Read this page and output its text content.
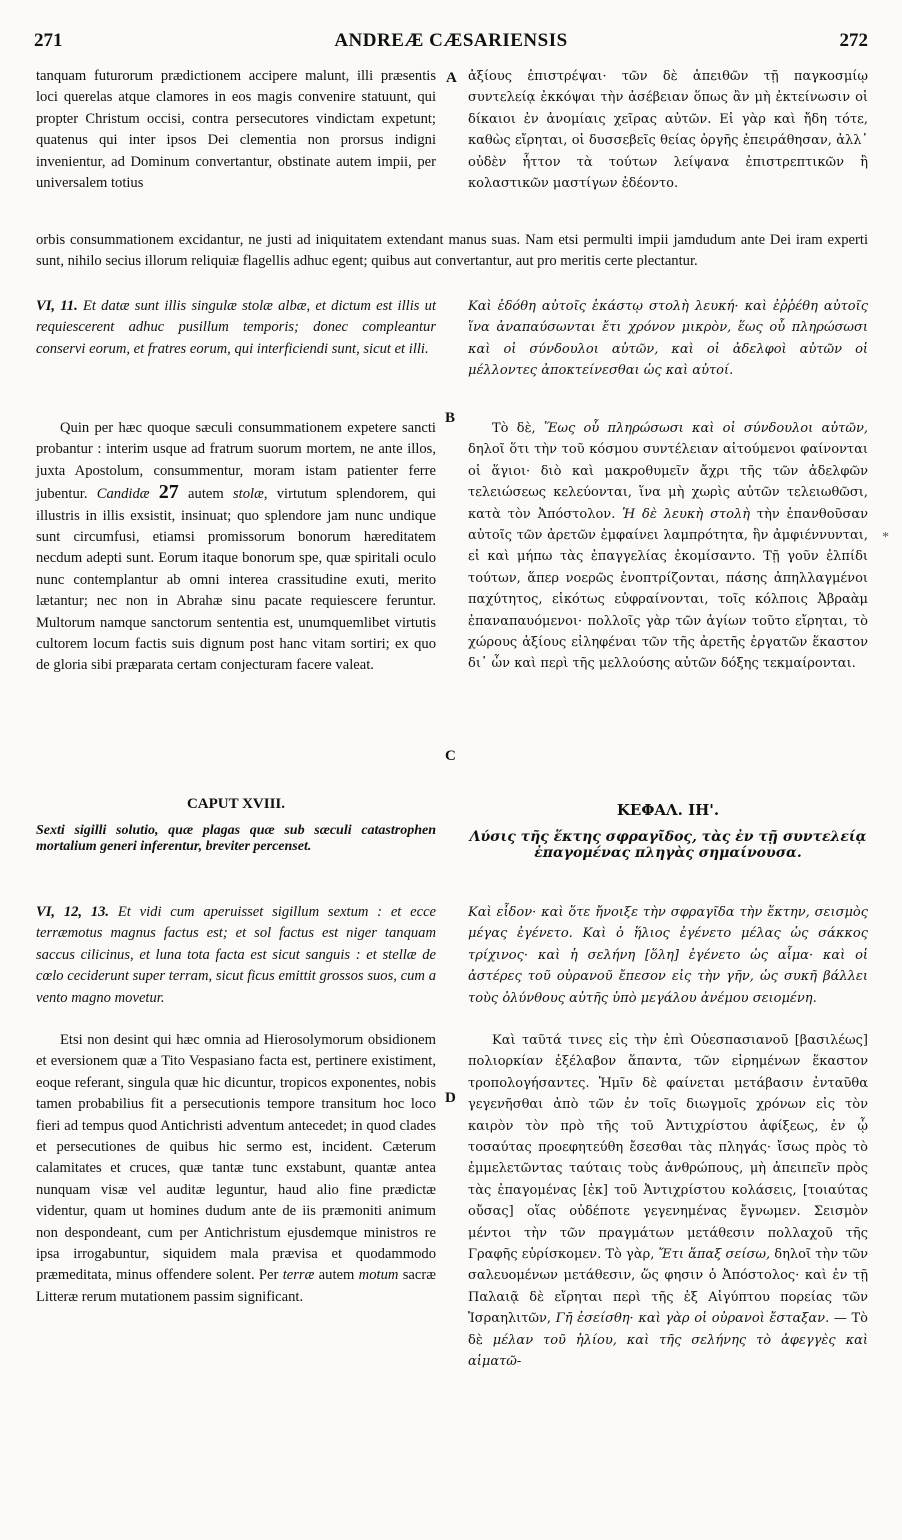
271	ANDREÆ CÆSARIENSIS	272
A
B
C
D
*

tanquam futurorum prædictionem accipere malunt, illi præsentis loci querelas atque clamores in eos magis convenire statuunt, qui propter Christum occisi, contra persecutores vindictam expetunt; quatenus qui inter ipsos Dei clementia non prorsus indigni invenientur, ad Dominum convertantur, obstinate autem impii, per universalem totius

ἀξίους ἐπιστρέψαι· τῶν δὲ ἀπειθῶν τῇ παγκοσμίῳ συντελείᾳ ἐκκόψαι τὴν ἀσέβειαν ὅπως ἂν μὴ ἐκτείνωσιν οἱ δίκαιοι ἐν ἀνομίαις χεῖρας αὐτῶν. Εἰ γὰρ καὶ ἤδη τότε, καθὼς εἴρηται, οἱ δυσσεβεῖς θείας ὀργῆς ἐπειράθησαν, ἀλλ᾽ οὐδὲν ἧττον τὰ τούτων λείψανα ἐπιστρεπτικῶν ἢ κολαστικῶν μαστίγων ἐδέοντο.

orbis consummationem excidantur, ne justi ad iniquitatem extendant manus suas. Nam etsi permulti impii jamdudum ante Dei iram experti sunt, nihilo secius illorum reliquiæ flagellis adhuc egent; quibus aut convertantur, aut pro meritis certe plectantur.

VI, 11. Et datæ sunt illis singulæ stolæ albæ, et dictum est illis ut requiescerent adhuc pusillum temporis; donec compleantur conservi eorum, et fratres eorum, qui interficiendi sunt, sicut et illi.

Καὶ ἐδόθη αὐτοῖς ἑκάστῳ στολὴ λευκή· καὶ ἐῤῥέθη αὐτοῖς ἵνα ἀναπαύσωνται ἔτι χρόνον μικρὸν, ἕως οὗ πληρώσωσι καὶ οἱ σύνδουλοι αὐτῶν, καὶ οἱ ἀδελφοὶ αὐτῶν οἱ μέλλοντες ἀποκτείνεσθαι ὡς καὶ αὐτοί.

Quin per hæc quoque sæculi consummationem expetere sancti probantur : interim usque ad fratrum suorum mortem, ne ante illos, juxta Apostolum, consummentur, moram istam patienter ferre jubentur. Candidæ 27 autem stolæ, virtutum splendorem, qui illustris in illis exsistit, insinuat; quo splendore jam nunc undique sunt circumfusi, etiamsi promissorum bonorum hæreditatem necdum adepti sunt. Eorum itaque bonorum spe, quæ spiritali oculo nunc contemplantur ab omni interea crassitudine exuti, merito lætantur; nec non in Abrahæ sinu pacate requiescere feruntur. Multorum namque sanctorum sententia est, unumquemlibet virtutis cultorem locum factis suis dignum post hanc vitam sortiri; ex quo de gloria sibi præparata certam conjecturam facere valeat.

Τὸ δὲ, Ἕως οὗ πληρώσωσι καὶ οἱ σύνδουλοι αὐτῶν, δηλοῖ ὅτι τὴν τοῦ κόσμου συντέλειαν αἰτούμενοι φαίνονται οἱ ἅγιοι· διὸ καὶ μακροθυμεῖν ἄχρι τῆς τῶν ἀδελφῶν τελειώσεως κελεύονται, ἵνα μὴ χωρὶς αὐτῶν τελειωθῶσι, κατὰ τὸν Ἀπόστολον. Ἡ δὲ λευκὴ στολὴ τὴν ἐπανθοῦσαν αὐτοῖς τῶν ἀρετῶν ἐμφαίνει λαμπρότητα, ἣν ἀμφιέννυνται, εἰ καὶ μήπω τὰς ἐπαγγελίας ἐκομίσαντο. Τῇ γοῦν ἐλπίδι τούτων, ἅπερ νοερῶς ἐνοπτρίζονται, πάσης ἀπηλλαγμένοι παχύτητος, εἰκότως εὐφραίνονται, τοῖς κόλποις Ἀβραὰμ ἐπαναπαυόμενοι· πολλοῖς γὰρ τῶν ἁγίων τοῦτο εἴρηται, τὸ χώρους ἀξίους εἰληφέναι τῶν τῆς ἀρετῆς ἐργατῶν ἕκαστον δι᾽ ὧν καὶ περὶ τῆς μελλούσης αὐτῶν δόξης τεκμαίρονται.

CAPUT XVIII.

Sexti sigilli solutio, quæ plagas quæ sub sæculi catastrophen mortalium generi inferentur, breviter percenset.

ΚΕΦΑΛ. ΙΗ'.

Λύσις τῆς ἕκτης σφραγῖδος, τὰς ἐν τῇ συντελείᾳ ἐπαγομένας πληγὰς σημαίνουσα.

VI, 12, 13. Et vidi cum aperuisset sigillum sextum : et ecce terræmotus magnus factus est; et sol factus est niger tanquam saccus cilicinus, et luna tota facta est sicut sanguis : et stellæ de cœlo ceciderunt super terram, sicut ficus emittit grossos suos, cum a vento magno movetur.

Καὶ εἶδον· καὶ ὅτε ἤνοιξε τὴν σφραγῖδα τὴν ἕκτην, σεισμὸς μέγας ἐγένετο. Καὶ ὁ ἥλιος ἐγένετο μέλας ὡς σάκκος τρίχινος· καὶ ἡ σελήνη [ὅλη] ἐγένετο ὡς αἷμα· καὶ οἱ ἀστέρες τοῦ οὐρανοῦ ἔπεσον εἰς τὴν γῆν, ὡς συκῆ βάλλει τοὺς ὀλύνθους αὐτῆς ὑπὸ μεγάλου ἀνέμου σειομένη.

Etsi non desint qui hæc omnia ad Hierosolymorum obsidionem et eversionem quæ a Tito Vespasiano facta est, pertinere existiment, eoque referant, singula quæ hic dicuntur, tropicos exponentes, nobis tamen probabilius fit a persecutionis tempore transitum hoc loco fieri ad tempus quod Antichristi adventum antecedet; in quod clades et persecutiones de quibus hic sermo est, incident. Cæterum calamitates et cruces, quæ tantæ tunc exstabunt, quantæ antea nunquam visæ vel auditæ leguntur, haud alio fine prædictæ videntur, quam ut homines dudum ante de iis præmoniti animum non despondeant, cum per Antichristum ejusdemque ministros re ipsa irrogabuntur, siquidem mala prævisa et quodammodo præmeditata, minus offendere solent. Per terræ autem motum sacræ Litteræ rerum mutationem passim significant.

Καὶ ταῦτά τινες εἰς τὴν ἐπὶ Οὐεσπασιανοῦ [βασιλέως] πολιορκίαν ἐξέλαβον ἅπαντα, τῶν εἰρημένων ἕκαστον τροπολογήσαντες. Ἡμῖν δὲ φαίνεται μετάβασιν ἐνταῦθα γεγενῆσθαι ἀπὸ τῶν ἐν τοῖς διωγμοῖς χρόνων εἰς τὸν καιρὸν τὸν πρὸ τῆς τοῦ Ἀντιχρίστου ἀφίξεως, ἐν ᾧ τοσαύτας προεφητεύθη ἔσεσθαι τὰς πληγάς· ἴσως πρὸς τὸ ἐμμελετῶντας ταύταις τοὺς ἀνθρώπους, μὴ ἀπειπεῖν πρὸς τὰς ἐπαγομένας [ἐκ] τοῦ Ἀντιχρίστου κολάσεις, [τοιαύτας οὔσας] οἵας οὐδέποτε γεγενημένας ἔγνωμεν. Σεισμὸν μέντοι τὴν τῶν πραγμάτων μετάθεσιν πολλαχοῦ τῆς Γραφῆς εὑρίσκομεν. Τὸ γὰρ, Ἔτι ἅπαξ σείσω, δηλοῖ τὴν τῶν σαλευομένων μετάθεσιν, ὥς φησιν ὁ Ἀπόστολος· καὶ ἐν τῇ Παλαιᾷ δὲ εἴρηται περὶ τῆς ἐξ Αἰγύπτου πορείας τῶν Ἰσραηλιτῶν, Γῆ ἐσείσθη· καὶ γὰρ οἱ οὐρανοὶ ἔσταξαν. — Τὸ δὲ μέλαν τοῦ ἡλίου, καὶ τῆς σελήνης τὸ ἀφεγγὲς καὶ αἱματῶ-
